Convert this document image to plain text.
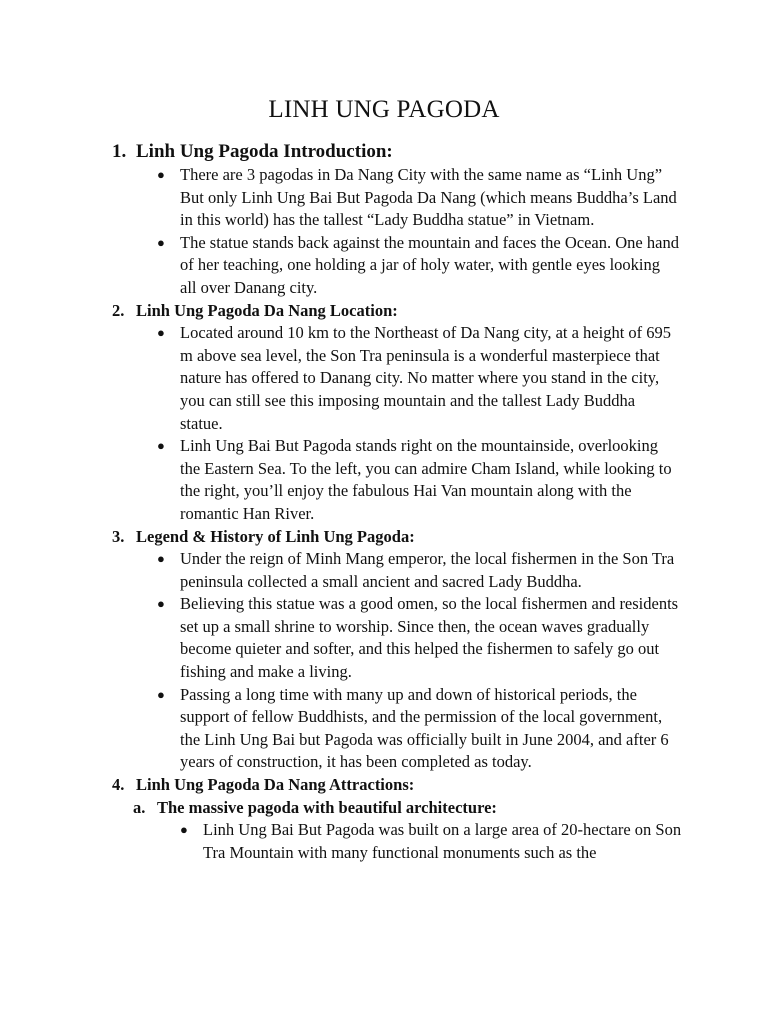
LINH UNG PAGODA
1. Linh Ung Pagoda Introduction:
● There are 3 pagodas in Da Nang City with the same name as “Linh Ung” But only Linh Ung Bai But Pagoda Da Nang (which means Buddha’s Land in this world) has the tallest “Lady Buddha statue” in Vietnam.
● The statue stands back against the mountain and faces the Ocean. One hand of her teaching, one holding a jar of holy water, with gentle eyes looking all over Danang city.
2. Linh Ung Pagoda Da Nang Location:
● Located around 10 km to the Northeast of Da Nang city, at a height of 695 m above sea level, the Son Tra peninsula is a wonderful masterpiece that nature has offered to Danang city. No matter where you stand in the city, you can still see this imposing mountain and the tallest Lady Buddha statue.
● Linh Ung Bai But Pagoda stands right on the mountainside, overlooking the Eastern Sea. To the left, you can admire Cham Island, while looking to the right, you’ll enjoy the fabulous Hai Van mountain along with the romantic Han River.
3. Legend & History of Linh Ung Pagoda:
● Under the reign of Minh Mang emperor, the local fishermen in the Son Tra peninsula collected a small ancient and sacred Lady Buddha.
● Believing this statue was a good omen, so the local fishermen and residents set up a small shrine to worship. Since then, the ocean waves gradually become quieter and softer, and this helped the fishermen to safely go out fishing and make a living.
● Passing a long time with many up and down of historical periods, the support of fellow Buddhists, and the permission of the local government, the Linh Ung Bai but Pagoda was officially built in June 2004, and after 6 years of construction, it has been completed as today.
4. Linh Ung Pagoda Da Nang Attractions:
a. The massive pagoda with beautiful architecture:
● Linh Ung Bai But Pagoda was built on a large area of 20-hectare on Son Tra Mountain with many functional monuments such as the
